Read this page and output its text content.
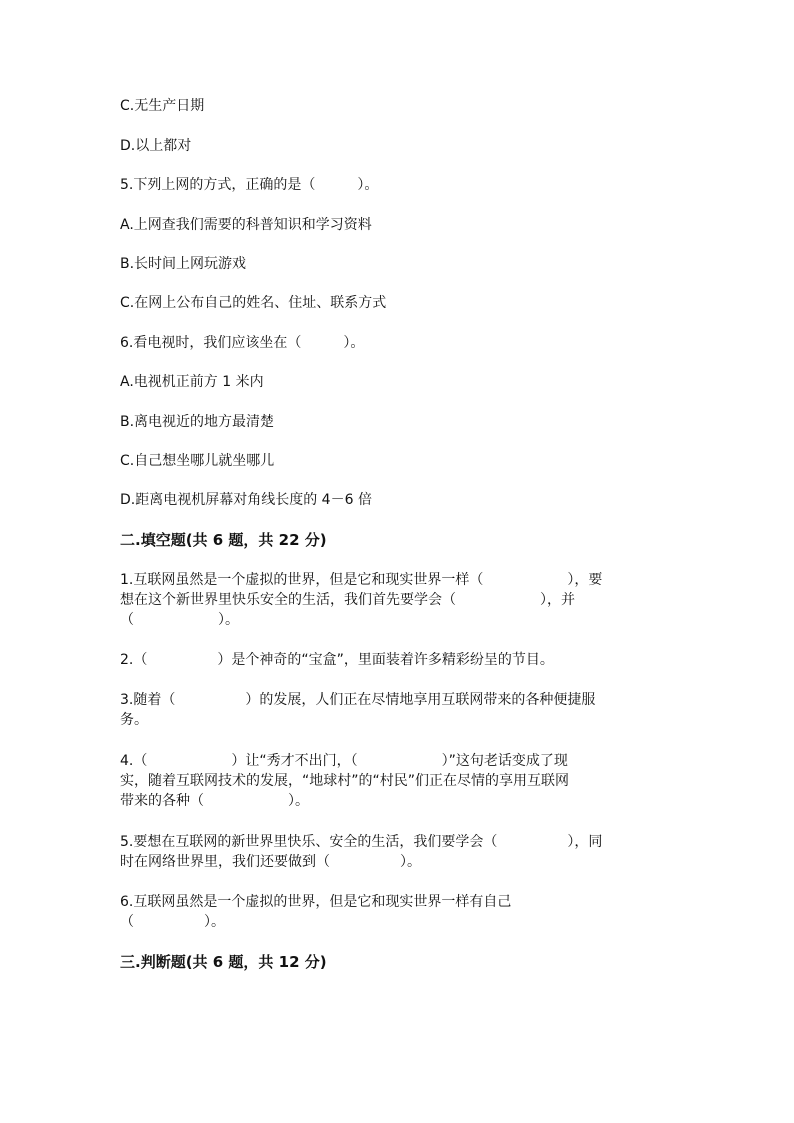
C.无生产日期
D.以上都对
5.下列上网的方式，正确的是（　　　）。
A.上网查我们需要的科普知识和学习资料
B.长时间上网玩游戏
C.在网上公布自己的姓名、住址、联系方式
6.看电视时，我们应该坐在（　　　）。
A.电视机正前方 1 米内
B.离电视近的地方最清楚
C.自己想坐哪儿就坐哪儿
D.距离电视机屏幕对角线长度的 4－6 倍
二.填空题(共 6 题，共 22 分)
1.互联网虽然是一个虚拟的世界，但是它和现实世界一样（　　　　　　），要
想在这个新世界里快乐安全的生活，我们首先要学会（　　　　　　），并
（　　　　　　）。
2.（　　　　　）是个神奇的“宝盒”，里面装着许多精彩纷呈的节目。
3.随着（　　　　　）的发展，人们正在尽情地享用互联网带来的各种便捷服
务。
4.（　　　　　　）让“秀才不出门，（　　　　　　）”这句老话变成了现
实，随着互联网技术的发展，“地球村”的“村民”们正在尽情的享用互联网
带来的各种（　　　　　　）。
5.要想在互联网的新世界里快乐、安全的生活，我们要学会（　　　　　），同
时在网络世界里，我们还要做到（　　　　　）。
6.互联网虽然是一个虚拟的世界，但是它和现实世界一样有自己
（　　　　　）。
三.判断题(共 6 题，共 12 分)
